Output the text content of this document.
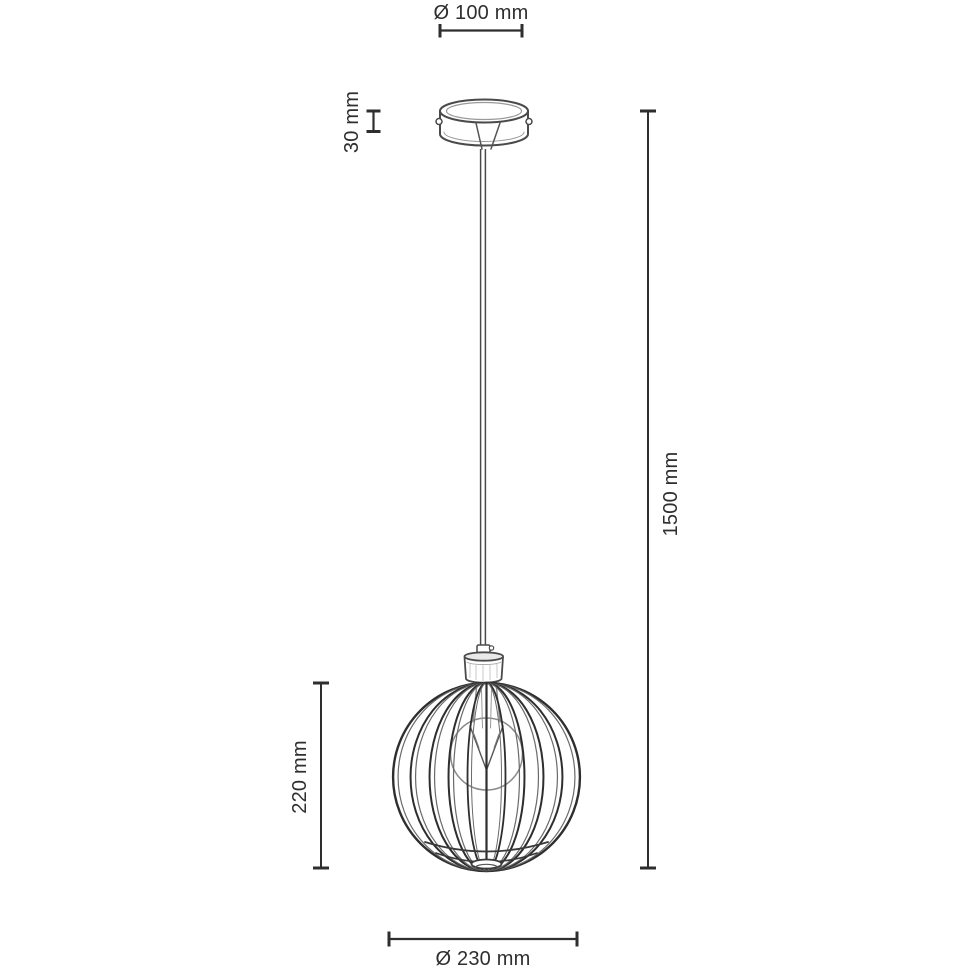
Ø 100 mm
30 mm
1500 mm
220 mm
Ø 230 mm
